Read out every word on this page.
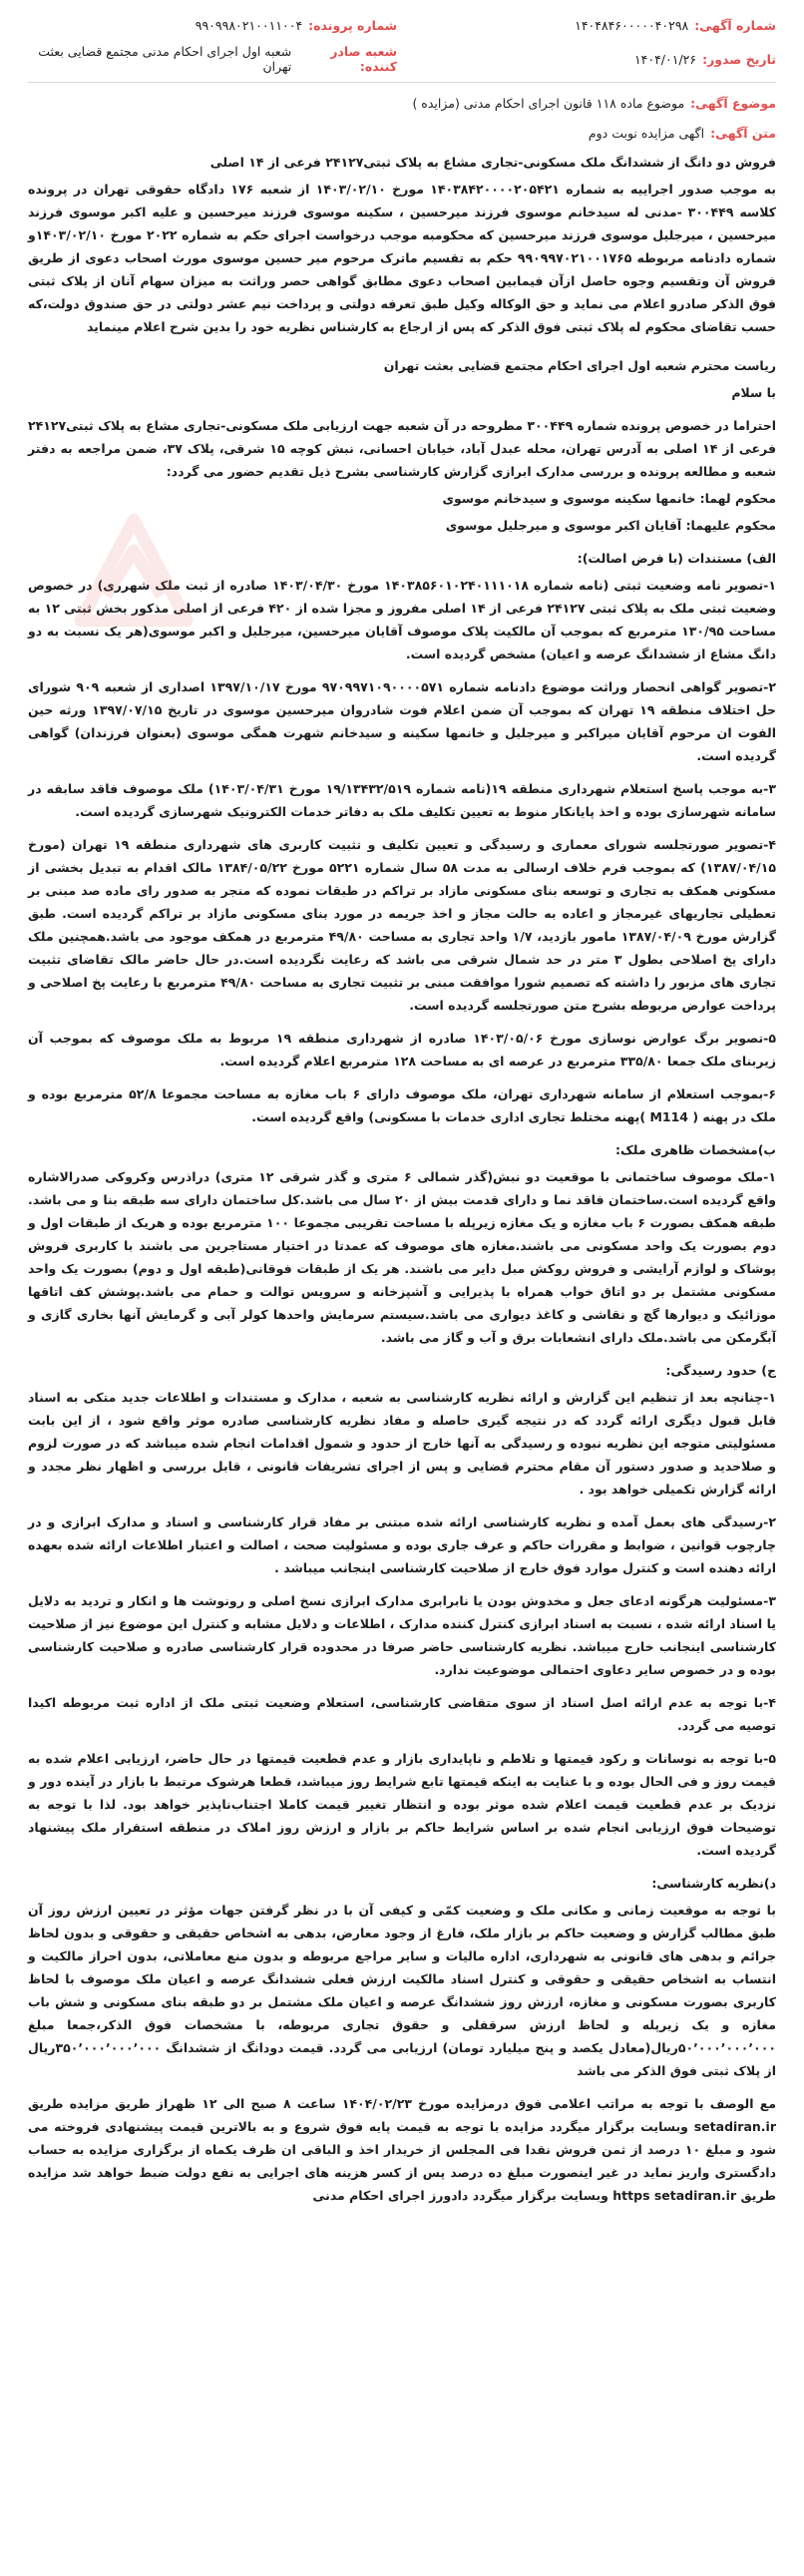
شماره آگهی:
۱۴۰۴۸۴۶۰۰۰۰۰۴۰۲۹۸
شماره پرونده:
۹۹۰۹۹۸۰۲۱۰۰۱۱۰۰۴
تاریخ صدور:
۱۴۰۴/۰۱/۲۶
شعبه صادر کننده:
شعبه اول اجرای احکام مدنی مجتمع قضایی بعثت تهران
موضوع آگهی:
موضوع ماده ۱۱۸ قانون اجرای احکام مدنی (مزایده )
متن آگهی:
اگهی مزایده نوبت دوم

فروش دو دانگ از ششدانگ ملک مسکونی-تجاری مشاع به پلاک ثبتی۲۴۱۲۷ فرعی از ۱۴ اصلی

به موجب صدور اجراییه به شماره ۱۴۰۳۸۴۲۰۰۰۰۲۰۵۴۲۱ مورخ ۱۴۰۳/۰۲/۱۰ از شعبه ۱۷۶ دادگاه حقوقی تهران در پرونده کلاسه ۳۰۰۴۴۹ -مدنی له سیدخانم موسوی فرزند میرحسین ، سکینه موسوی فرزند میرحسین و علیه اکبر موسوی فرزند میرحسین ، میرجلیل موسوی فرزند میرحسین که محکومبه موجب درخواست اجرای حکم به شماره ۲۰۲۲ مورخ ۱۴۰۳/۰۲/۱۰و شماره دادنامه مربوطه ۹۹۰۹۹۷۰۲۱۰۰۱۷۶۵ حکم به تقسیم ماترک مرحوم میر حسین موسوی مورث اصحاب دعوی از طریق فروش آن وتقسیم وجوه حاصل ازآن فیمابین اصحاب دعوی مطابق گواهی حصر وراثت به میزان سهام آنان از پلاک ثبتی فوق الذکر صادرو اعلام می نماید و حق الوکاله وکیل طبق تعرفه دولتی و پرداخت نیم عشر دولتی در حق صندوق دولت،که حسب تقاضای محکوم له پلاک ثبتی فوق الذکر که پس از ارجاع به کارشناس نظریه خود را بدین شرح اعلام مینماید

ریاست محترم شعبه اول اجرای احکام مجتمع قضایی بعثت تهران

با سلام

احتراما در خصوص پرونده شماره ۳۰۰۴۴۹ مطروحه در آن شعبه جهت ارزیابی ملک مسکونی-تجاری مشاع به پلاک ثبتی۲۴۱۲۷ فرعی از ۱۴ اصلی به آدرس تهران، محله عبدل آباد، خیابان احسانی، نبش کوچه ۱۵ شرقی، پلاک ۳۷، ضمن مراجعه به دفتر شعبه و مطالعه پرونده و بررسی مدارک ابرازی گزارش کارشناسی بشرح ذیل تقدیم حضور می گردد:

محکوم لهما: خانمها سکینه موسوی و سیدخانم موسوی

محکوم علیهما: آقایان اکبر موسوی و میرجلیل موسوی

الف) مستندات (با فرض اصالت):

۱-تصویر نامه وضعیت ثبتی (نامه شماره ۱۴۰۳۸۵۶۰۱۰۲۴۰۱۱۱۰۱۸ مورخ ۱۴۰۳/۰۴/۳۰ صادره از ثبت ملک شهرری) در خصوص وضعیت ثبتی ملک به پلاک ثبتی ۲۴۱۲۷ فرعی از ۱۴ اصلی مفروز و مجزا شده از ۴۲۰ فرعی از اصلی مذکور بخش ثبتی ۱۲ به مساحت ۱۳۰/۹۵ مترمربع که بموجب آن مالکیت پلاک موصوف آقایان میرحسین، میرجلیل و اکبر موسوی(هر یک نسبت به دو دانگ مشاع از ششدانگ عرصه و اعیان) مشخص گردیده است.

۲-تصویر گواهی انحصار وراثت موضوع دادنامه شماره ۹۷۰۹۹۷۱۰۹۰۰۰۰۵۷۱ مورخ ۱۳۹۷/۱۰/۱۷ اصداری از شعبه ۹۰۹ شورای حل اختلاف منطقه ۱۹ تهران که بموجب آن ضمن اعلام فوت شادروان میرحسین موسوی در تاریخ ۱۳۹۷/۰۷/۱۵ ورثه حین الفوت ان مرحوم آقایان میراکبر و میرجلیل و خانمها سکینه و سیدخانم شهرت همگی موسوی (بعنوان فرزندان) گواهی گردیده است.

۳-به موجب پاسخ استعلام شهرداری منطقه ۱۹(نامه شماره ۱۹/۱۳۴۳۲/۵۱۹ مورخ ۱۴۰۳/۰۴/۳۱) ملک موصوف فاقد سابقه در سامانه شهرسازی بوده و اخذ پایانکار منوط به تعیین تکلیف ملک به دفاتر خدمات الکترونیک شهرسازی گردیده است.

۴-تصویر صورتجلسه شورای معماری و رسیدگی و تعیین تکلیف و تثبیت کاربری های شهرداری منطقه ۱۹ تهران (مورخ ۱۳۸۷/۰۴/۱۵) که بموجب فرم خلاف ارسالی به مدت ۵۸ سال شماره ۵۲۲۱ مورخ ۱۳۸۴/۰۵/۲۲ مالک اقدام به تبدیل بخشی از مسکونی همکف به تجاری و توسعه بنای مسکونی مازاد بر تراکم در طبقات نموده که منجر به صدور رای ماده صد مبنی بر تعطیلی تجاریهای غیرمجاز و اعاده به حالت مجاز و اخذ جریمه در مورد بنای مسکونی مازاد بر تراکم گردیده است. طبق گزارش مورخ ۱۳۸۷/۰۴/۰۹ مامور بازدید، ۱/۷ واحد تجاری به مساحت ۴۹/۸۰ مترمربع در همکف موجود می باشد.همچنین ملک دارای پخ اصلاحی بطول ۳ متر در حد شمال شرقی می باشد که رعایت نگردیده است.در حال حاضر مالک تقاضای تثبیت تجاری های مزبور را داشته که تصمیم شورا موافقت مبنی بر تثبیت تجاری به مساحت ۴۹/۸۰ مترمربع با رعایت پخ اصلاحی و پرداخت عوارض مربوطه بشرح متن صورتجلسه گردیده است.

۵-تصویر برگ عوارض نوسازی مورخ ۱۴۰۳/۰۵/۰۶ صادره از شهرداری منطقه ۱۹ مربوط به ملک موصوف که بموجب آن زیربنای ملک جمعا ۳۳۵/۸۰ مترمربع در عرصه ای به مساحت ۱۲۸ مترمربع اعلام گردیده است.

۶-بموجب استعلام از سامانه شهرداری تهران، ملک موصوف دارای ۶ باب مغازه به مساحت مجموعا ۵۲/۸ مترمربع بوده و ملک در پهنه ( M114 )پهنه مختلط تجاری اداری خدمات با مسکونی) واقع گردیده است.

ب)مشخصات ظاهری ملک:

۱-ملک موصوف ساختمانی با موقعیت دو نبش(گذر شمالی ۶ متری و گذر شرقی ۱۲ متری) دراذرس وکروکی صدرالاشاره واقع گردیده است.ساختمان فاقد نما و دارای قدمت بیش از ۲۰ سال می باشد.کل ساختمان دارای سه طبقه بنا و می باشد. طبقه همکف بصورت ۶ باب مغازه و یک مغازه زیرپله با مساحت تقریبی مجموعا ۱۰۰ مترمربع بوده و هریک از طبقات اول و دوم بصورت یک واحد مسکونی می باشند.مغازه های موصوف که عمدتا در اختیار مستاجرین می باشند با کاربری فروش پوشاک و لوازم آرایشی و فروش روکش مبل دایر می باشند. هر یک از طبقات فوقانی(طبقه اول و دوم) بصورت یک واحد مسکونی مشتمل بر دو اتاق خواب همراه با پذیرایی و آشپزخانه و سرویس توالت و حمام می باشد.پوشش کف اتاقها موزائیک و دیوارها گچ و نقاشی و کاغذ دیواری می باشد.سیستم سرمایش واحدها کولر آبی و گرمایش آنها بخاری گازی و آبگرمکن می باشد.ملک دارای انشعابات برق و آب و گاز می باشد.

ج) حدود رسیدگی:

۱-چنانچه بعد از تنظیم این گزارش و ارائه نظریه کارشناسی به شعبه ، مدارک و مستندات و اطلاعات جدید متکی به اسناد قابل قبول دیگری ارائه گردد که در نتیجه گیری حاصله و مفاد نظریه کارشناسی صادره موثر واقع شود ، از این بابت مسئولیتی متوجه این نظریه نبوده و رسیدگی به آنها خارج از حدود و شمول اقدامات انجام شده میباشد که در صورت لزوم و صلاحدید و صدور دستور آن مقام محترم قضایی و پس از اجرای تشریفات قانونی ، قابل بررسی و اظهار نظر مجدد و ارائه گزارش تکمیلی خواهد بود .

۲-رسیدگی های بعمل آمده و نظریه کارشناسی ارائه شده مبتنی بر مفاد قرار کارشناسی و اسناد و مدارک ابرازی و در چارچوب قوانین ، ضوابط و مقررات حاکم و عرف جاری بوده و مسئولیت صحت ، اصالت و اعتبار اطلاعات ارائه شده بعهده ارائه دهنده است و کنترل موارد فوق خارج از صلاحیت کارشناسی اینجانب میباشد .

۳-مسئولیت هرگونه ادعای جعل و مخدوش بودن یا نابرابری مدارک ابرازی نسخ اصلی و رونوشت ها و انکار و تردید به دلایل یا اسناد ارائه شده ، نسبت به اسناد ابرازی کنترل کننده مدارک ، اطلاعات و دلایل مشابه و کنترل این موضوع نیز از صلاحیت کارشناسی اینجانب خارج میباشد. نظریه کارشناسی حاضر صرفا در محدوده قرار کارشناسی صادره و صلاحیت کارشناسی بوده و در خصوص سایر دعاوی احتمالی موضوعیت ندارد.

۴-با توجه به عدم ارائه اصل اسناد از سوی متقاضی کارشناسی، استعلام وضعیت ثبتی ملک از اداره ثبت مربوطه اکیدا توصیه می گردد.

۵-با توجه به نوسانات و رکود قیمتها و تلاطم و ناپایداری بازار و عدم قطعیت قیمتها در حال حاضر، ارزیابی اعلام شده به قیمت روز و فی الحال بوده و با عنایت به اینکه قیمتها تابع شرایط روز میباشد، قطعا هرشوک مرتبط با بازار در آینده دور و نزدیک بر عدم قطعیت قیمت اعلام شده موثر بوده و انتظار تغییر قیمت کاملا اجتناب‌ناپذیر خواهد بود. لذا با توجه به توضیحات فوق ارزیابی انجام شده بر اساس شرایط حاکم بر بازار و ارزش روز املاک در منطقه استقرار ملک پیشنهاد گردیده است.

د)نظریه کارشناسی:

با توجه به موقعیت زمانی و مکانی ملک و وضعیت کمّی و کیفی آن با در نظر گرفتن جهات مؤثر در تعیین ارزش روز آن طبق مطالب گزارش و وضعیت حاکم بر بازار ملک، فارغ از وجود معارض، بدهی به اشخاص حقیقی و حقوقی و بدون لحاظ جرائم و بدهی های قانونی به شهرداری، اداره مالیات و سایر مراجع مربوطه و بدون منع معاملاتی، بدون احراز مالکیت و انتساب به اشخاص حقیقی و حقوقی و کنترل اسناد مالکیت ارزش فعلی ششدانگ عرصه و اعیان ملک موصوف با لحاظ کاربری بصورت مسکونی و مغازه، ارزش روز ششدانگ عرصه و اعیان ملک مشتمل بر دو طبقه بنای مسکونی و شش باب مغازه و یک زیرپله و لحاظ ارزش سرقفلی و حقوق تجاری مربوطه، با مشخصات فوق الذکر،جمعا مبلغ ۵۰٬۰۰۰٬۰۰۰٬۰۰۰ریال(معادل یکصد و پنج میلیارد تومان) ارزیابی می گردد. قیمت دودانگ از ششدانگ ۳۵۰٬۰۰۰٬۰۰۰٬۰۰۰ریال از پلاک ثبتی فوق الذکر می باشد

مع الوصف با توجه به مراتب اعلامی فوق درمزایده مورخ ۱۴۰۴/۰۲/۲۳ ساعت ۸ صبح الی ۱۲ ظهراز طریق مزایده طریق setadiran.ir وبسایت برگزار میگردد مزایده با توجه به قیمت پایه فوق شروع و به بالاترین قیمت پیشنهادی فروخته می شود و مبلغ ۱۰ درصد از ثمن فروش نقدا فی المجلس از خریدار اخذ و الباقی ان ظرف یکماه از برگزاری مزایده به حساب دادگستری واریز نماید در غیر اینصورت مبلغ ده درصد پس از کسر هزینه های اجرایی به نفع دولت ضبط خواهد شد مزایده طریق https setadiran.ir وبسایت برگزار میگردد دادورز اجرای احکام مدنی
